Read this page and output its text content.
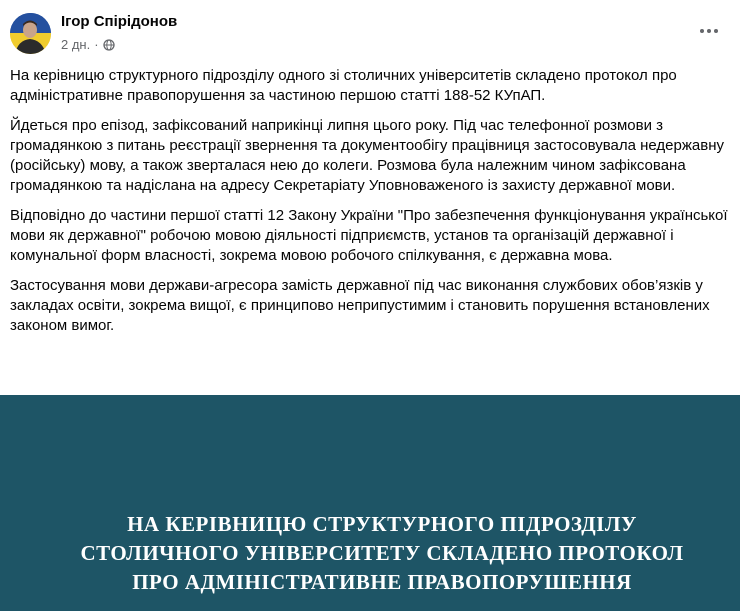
Ігор Спірідонов
2 дн. ·

На керівницю структурного підрозділу одного зі столичних університетів складено протокол про адміністративне правопорушення за частиною першою статті 188-52 КУпАП.

Йдеться про епізод, зафіксований наприкінці липня цього року. Під час телефонної розмови з громадянкою з питань реєстрації звернення та документообігу працівниця застосовувала недержавну (російську) мову, а також зверталася нею до колеги. Розмова була належним чином зафіксована громадянкою та надіслана на адресу Секретаріату Уповноваженого із захисту державної мови.

Відповідно до частини першої статті 12 Закону України "Про забезпечення функціонування української мови як державної" робочою мовою діяльності підприємств, установ та організацій державної і комунальної форм власності, зокрема мовою робочого спілкування, є державна мова.

Застосування мови держави-агресора замість державної під час виконання службових обов’язків у закладах освіти, зокрема вищої, є принципово неприпустимим і становить порушення встановлених законом вимог.

НА КЕРІВНИЦЮ СТРУКТУРНОГО ПІДРОЗДІЛУ
СТОЛИЧНОГО УНІВЕРСИТЕТУ СКЛАДЕНО ПРОТОКОЛ
ПРО АДМІНІСТРАТИВНЕ ПРАВОПОРУШЕННЯ
